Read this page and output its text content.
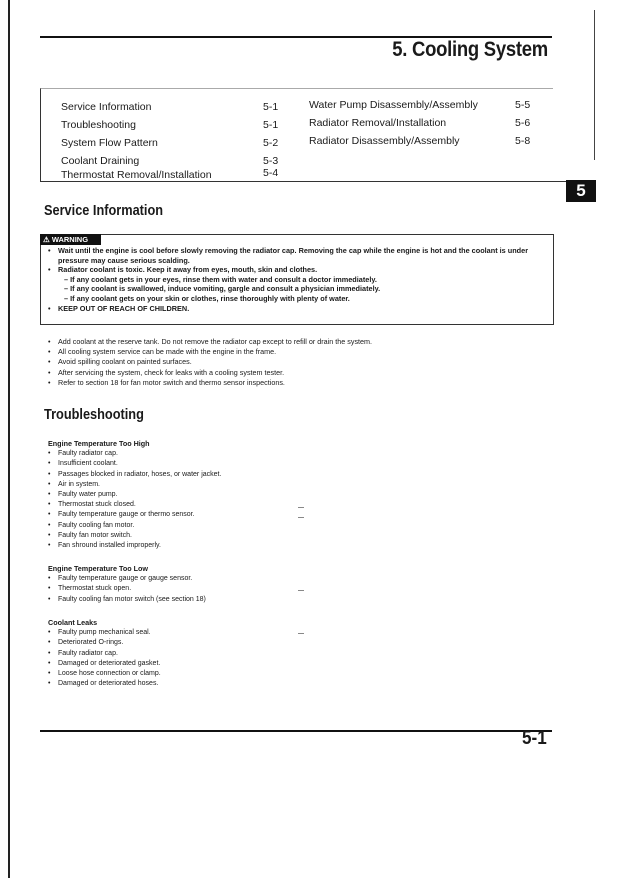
5. Cooling System
Service Information	5-1
Troubleshooting	5-1
System Flow Pattern	5-2
Coolant Draining	5-3
Thermostat Removal/Installation	5-4
Water Pump Disassembly/Assembly	5-5
Radiator Removal/Installation	5-6
Radiator Disassembly/Assembly	5-8
5
Service Information
⚠ WARNING
•	Wait until the engine is cool before slowly removing the radiator cap. Removing the cap while the engine is hot and the coolant is under pressure may cause serious scalding.
•	Radiator coolant is toxic. Keep it away from eyes, mouth, skin and clothes.
– If any coolant gets in your eyes, rinse them with water and consult a doctor immediately.
– If any coolant is swallowed, induce vomiting, gargle and consult a physician immediately.
– If any coolant gets on your skin or clothes, rinse thoroughly with plenty of water.
•	KEEP OUT OF REACH OF CHILDREN.
• Add coolant at the reserve tank. Do not remove the radiator cap except to refill or drain the system.
• All cooling system service can be made with the engine in the frame.
• Avoid spilling coolant on painted surfaces.
• After servicing the system, check for leaks with a cooling system tester.
• Refer to section 18 for fan motor switch and thermo sensor inspections.
Troubleshooting
Engine Temperature Too High
• Faulty radiator cap.
• Insufficient coolant.
• Passages blocked in radiator, hoses, or water jacket.
• Air in system.
• Faulty water pump.
• Thermostat stuck closed.
• Faulty temperature gauge or thermo sensor.
• Faulty cooling fan motor.
• Faulty fan motor switch.
• Fan shround installed improperly.
Engine Temperature Too Low
• Faulty temperature gauge or gauge sensor.
• Thermostat stuck open.
• Faulty cooling fan motor switch (see section 18)
Coolant Leaks
• Faulty pump mechanical seal.
• Deteriorated O-rings.
• Faulty radiator cap.
• Damaged or deteriorated gasket.
• Loose hose connection or clamp.
• Damaged or deteriorated hoses.
5-1
